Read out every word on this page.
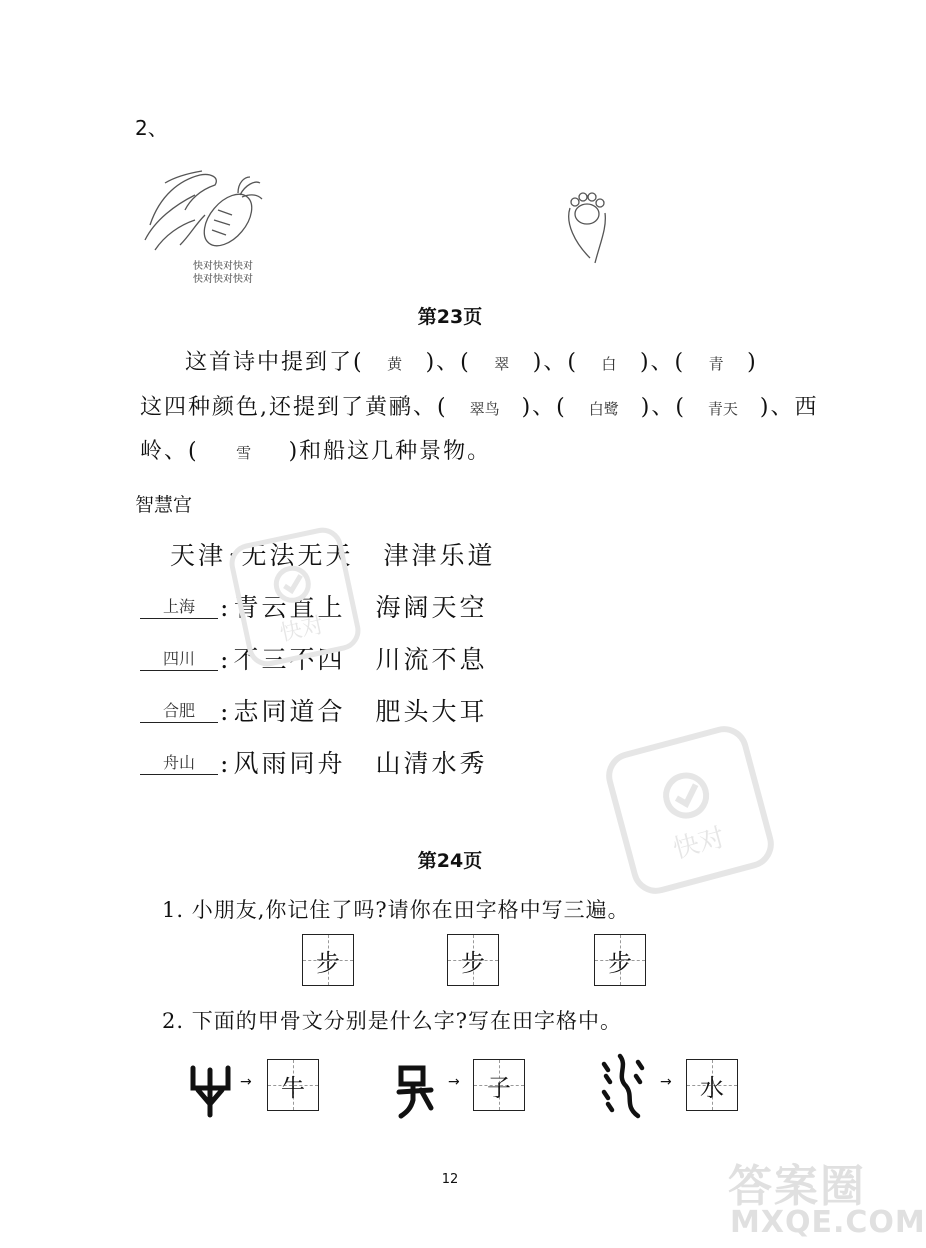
2、
快对快对快对
快对快对快对
第23页
这首诗中提到了( 黄 )、( 翠 )、( 白 )、( 青 )
这四种颜色,还提到了黄鹂、( 翠鸟 )、( 白鹭 )、( 青天 )、西
岭、( 雪 )和船这几种景物。
智慧宫
天津:无法无天 津津乐道
上海 :青云直上 海阔天空
四川 :不三不四 川流不息
合肥 :志同道合 肥头大耳
舟山 :风雨同舟 山清水秀
快对
快对
第24页
1. 小朋友,你记住了吗?请你在田字格中写三遍。
步	步	步
2. 下面的甲骨文分别是什么字?写在田字格中。
→	牛	→	子	→	水
12	答案圈
MXQE.COM
